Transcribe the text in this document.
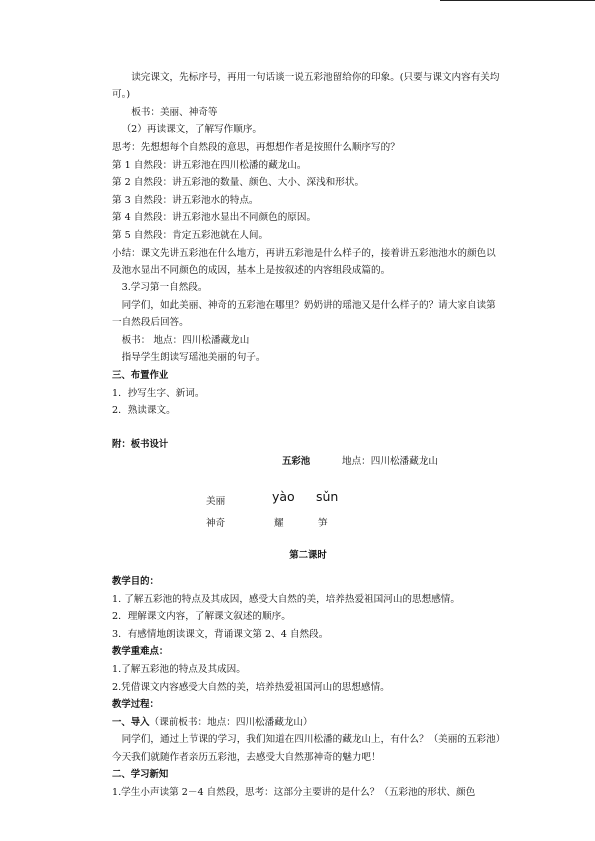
读完课文，先标序号，再用一句话谈一说五彩池留给你的印象。(只要与课文内容有关均可。)
板书：美丽、神奇等
（2）再读课文，了解写作顺序。
思考：先想想每个自然段的意思，再想想作者是按照什么顺序写的？
第 1 自然段：讲五彩池在四川松潘的藏龙山。
第 2 自然段：讲五彩池的数量、颜色、大小、深浅和形状。
第 3 自然段：讲五彩池水的特点。
第 4 自然段：讲五彩池水显出不同颜色的原因。
第 5 自然段：肯定五彩池就在人间。
小结：课文先讲五彩池在什么地方，再讲五彩池是什么样子的，接着讲五彩池池水的颜色以及池水显出不同颜色的成因，基本上是按叙述的内容组段成篇的。
3.学习第一自然段。
同学们，如此美丽、神奇的五彩池在哪里？奶奶讲的瑶池又是什么样子的？请大家自读第一自然段后回答。
板书： 地点：四川松潘藏龙山
指导学生朗读写瑶池美丽的句子。
三、布置作业
1．抄写生字、新词。
2．熟读课文。
附：板书设计
五彩池	地点：四川松潘藏龙山
美丽	yào sǔn
神奇	耀	笋
第二课时
教学目的：
1. 了解五彩池的特点及其成因，感受大自然的美，培养热爱祖国河山的思想感情。
2．理解课文内容，了解课文叙述的顺序。
3．有感情地朗读课文，背诵课文第 2、4 自然段。
教学重难点：
1.了解五彩池的特点及其成因。
2.凭借课文内容感受大自然的美，培养热爱祖国河山的思想感情。
教学过程：
一、导入（课前板书：地点：四川松潘藏龙山）
同学们，通过上节课的学习，我们知道在四川松潘的藏龙山上，有什么？（美丽的五彩池）今天我们就随作者亲历五彩池，去感受大自然那神奇的魅力吧！
二、学习新知
1.学生小声读第 2－4 自然段，思考：这部分主要讲的是什么？（五彩池的形状、颜色
